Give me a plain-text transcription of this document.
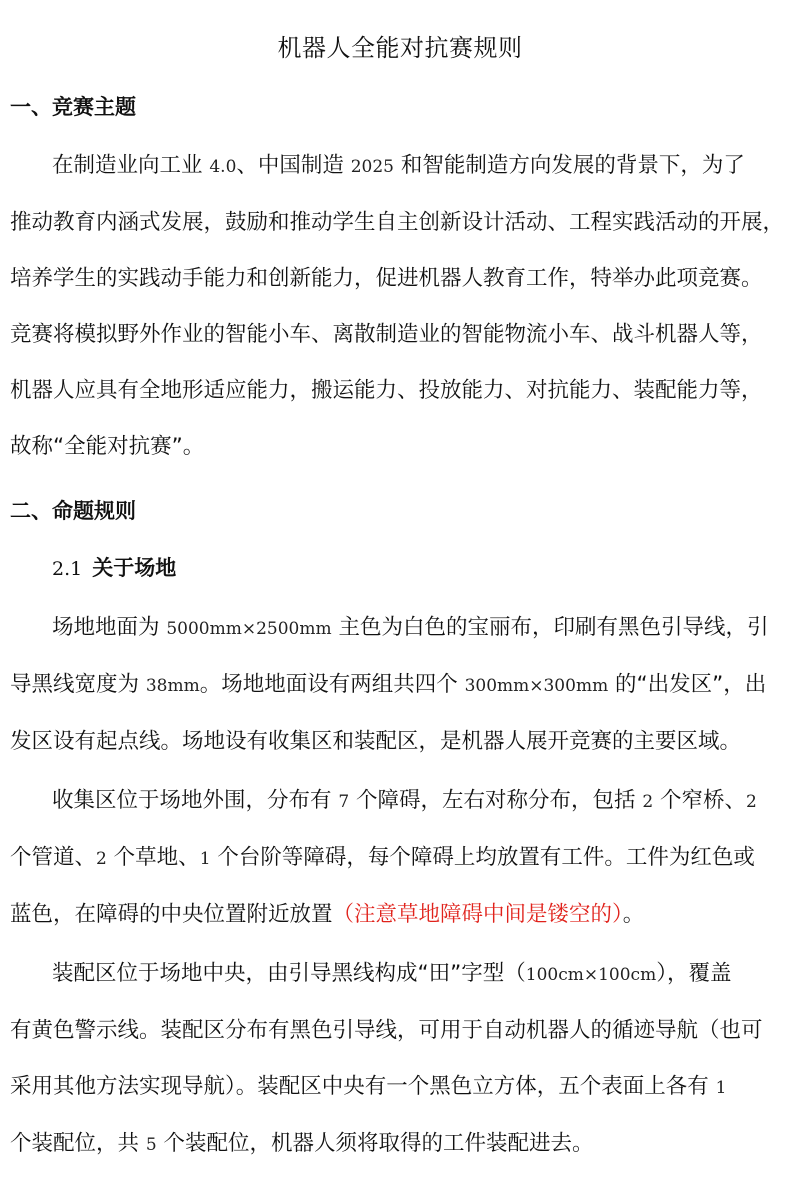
机器人全能对抗赛规则
一、竞赛主题
在制造业向工业 4.0、中国制造 2025 和智能制造方向发展的背景下，为了
推动教育内涵式发展，鼓励和推动学生自主创新设计活动、工程实践活动的开展，
培养学生的实践动手能力和创新能力，促进机器人教育工作，特举办此项竞赛。
竞赛将模拟野外作业的智能小车、离散制造业的智能物流小车、战斗机器人等，
机器人应具有全地形适应能力，搬运能力、投放能力、对抗能力、装配能力等，
故称“全能对抗赛”。
二、命题规则
2.1 关于场地
场地地面为 5000mm×2500mm 主色为白色的宝丽布，印刷有黑色引导线，引
导黑线宽度为 38mm。场地地面设有两组共四个 300mm×300mm 的“出发区”，出
发区设有起点线。场地设有收集区和装配区，是机器人展开竞赛的主要区域。
收集区位于场地外围，分布有 7 个障碍，左右对称分布，包括 2 个窄桥、2
个管道、2 个草地、1 个台阶等障碍，每个障碍上均放置有工件。工件为红色或
蓝色，在障碍的中央位置附近放置（注意草地障碍中间是镂空的）。
装配区位于场地中央，由引导黑线构成“田”字型（100cm×100cm），覆盖
有黄色警示线。装配区分布有黑色引导线，可用于自动机器人的循迹导航（也可
采用其他方法实现导航）。装配区中央有一个黑色立方体，五个表面上各有 1
个装配位，共 5 个装配位，机器人须将取得的工件装配进去。
